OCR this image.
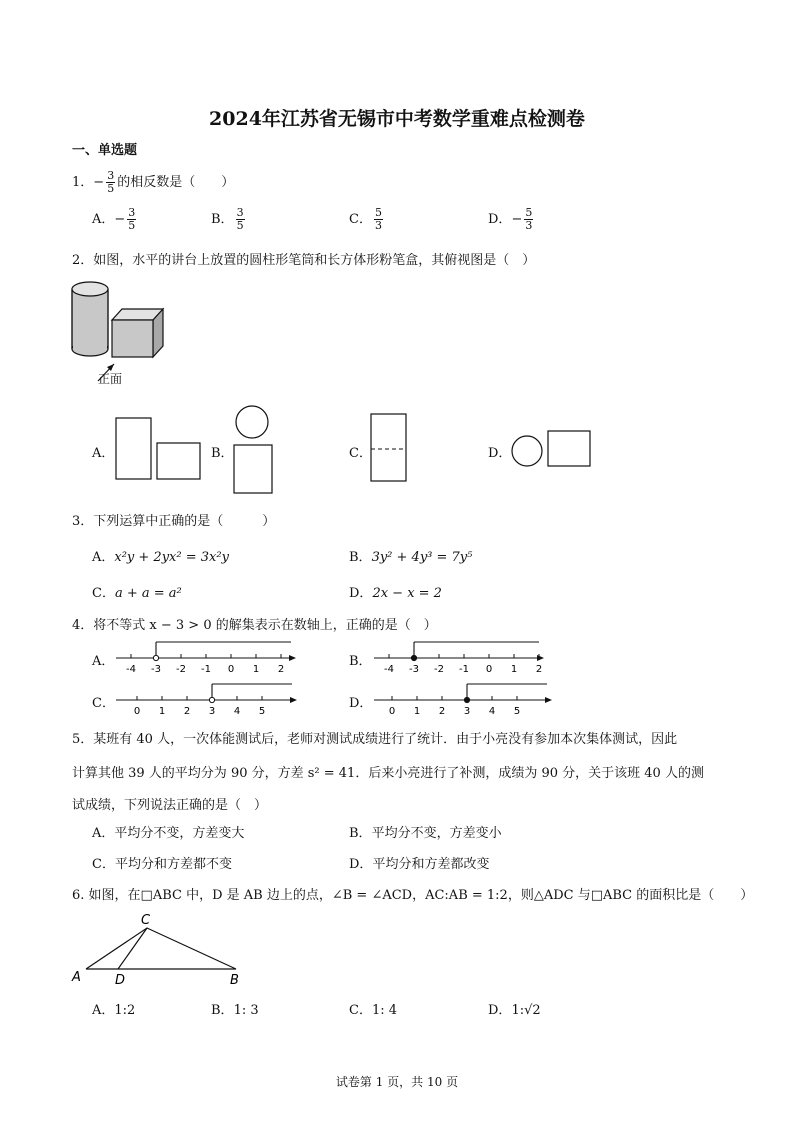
2024年江苏省无锡市中考数学重难点检测卷
一、单选题
1．− $\frac{3}{5}$ 的相反数是（　　）
A．− $\frac{3}{5}$	B． $\frac{3}{5}$	C． $\frac{5}{3}$	D．− $\frac{5}{3}$
2．如图，水平的讲台上放置的圆柱形笔筒和长方体形粉笔盒，其俯视图是（　）
正面
A．	B．	C．	D．
3．下列运算中正确的是（　　　）
A．x²y + 2yx² = 3x²y	B．3y² + 4y³ = 7y⁵
C．a + a = a²	D．2x − x = 2
4．将不等式 x − 3 > 0 的解集表示在数轴上，正确的是（　）
A．
-4 -3 -2 -1 0 1 2
B．
-4 -3 -2 -1 0 1 2
C．
0 1 2 3 4 5
D．
0 1 2 3 4 5
5．某班有 40 人，一次体能测试后，老师对测试成绩进行了统计．由于小亮没有参加本次集体测试，因此
计算其他 39 人的平均分为 90 分，方差 s² = 41．后来小亮进行了补测，成绩为 90 分，关于该班 40 人的测
试成绩，下列说法正确的是（　）
A．平均分不变，方差变大	B．平均分不变，方差变小
C．平均分和方差都不变	D．平均分和方差都改变
6. 如图，在□ABC 中，D 是 AB 边上的点，∠B = ∠ACD，AC:AB = 1:2，则△ADC 与□ABC 的面积比是（　　）
C
A	D	B
A．1:2	B．1: 3	C．1: 4	D．1:√2
试卷第 1 页，共 10 页
